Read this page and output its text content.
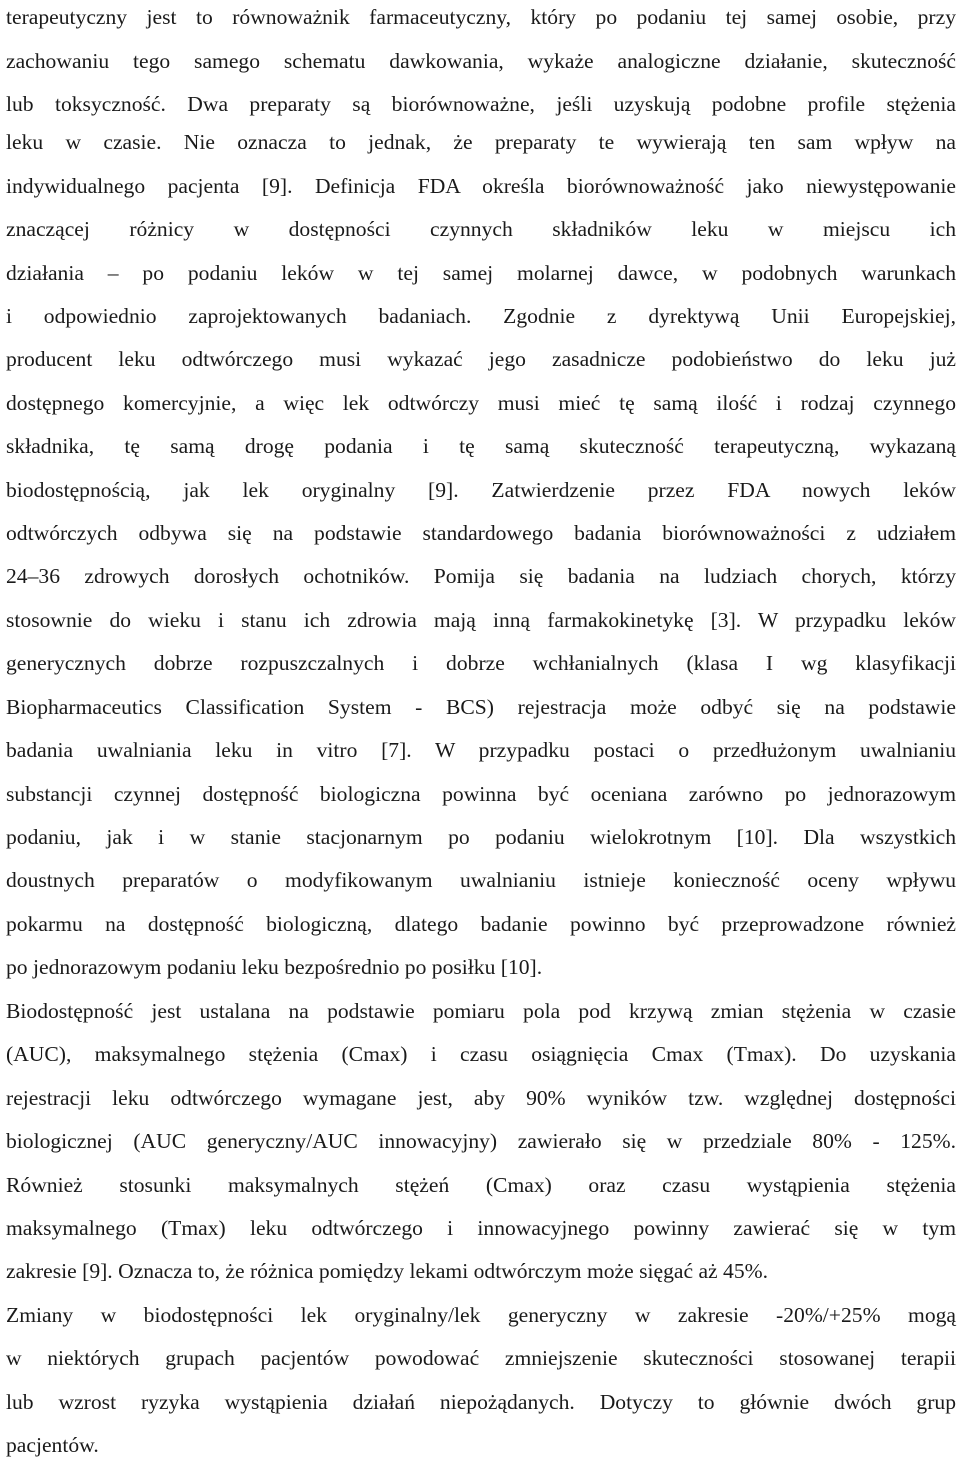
terapeutyczny jest to równoważnik farmaceutyczny, który po podaniu tej samej osobie, przy
zachowaniu tego samego schematu dawkowania, wykaże analogiczne działanie, skuteczność
lub toksyczność. Dwa preparaty są biorównoważne, jeśli uzyskują podobne profile stężenia
leku w czasie. Nie oznacza to jednak, że preparaty te wywierają ten sam wpływ na
indywidualnego pacjenta [9]. Definicja FDA określa biorównoważność jako niewystępowanie
znaczącej różnicy w dostępności czynnych składników leku w miejscu ich
działania – po podaniu leków w tej samej molarnej dawce, w podobnych warunkach
i odpowiednio zaprojektowanych badaniach. Zgodnie z dyrektywą Unii Europejskiej,
producent leku odtwórczego musi wykazać jego zasadnicze podobieństwo do leku już
dostępnego komercyjnie, a więc lek odtwórczy musi mieć tę samą ilość i rodzaj czynnego
składnika, tę samą drogę podania i tę samą skuteczność terapeutyczną, wykazaną
biodostępnością, jak lek oryginalny [9]. Zatwierdzenie przez FDA nowych leków
odtwórczych odbywa się na podstawie standardowego badania biorównoważności z udziałem
24–36 zdrowych dorosłych ochotników. Pomija się badania na ludziach chorych, którzy
stosownie do wieku i stanu ich zdrowia mają inną farmakokinetykę [3]. W przypadku leków
generycznych dobrze rozpuszczalnych i dobrze wchłanialnych (klasa I wg klasyfikacji
Biopharmaceutics Classification System - BCS) rejestracja może odbyć się na podstawie
badania uwalniania leku in vitro [7]. W przypadku postaci o przedłużonym uwalnianiu
substancji czynnej dostępność biologiczna powinna być oceniana zarówno po jednorazowym
podaniu, jak i w stanie stacjonarnym po podaniu wielokrotnym [10]. Dla wszystkich
doustnych preparatów o modyfikowanym uwalnianiu istnieje konieczność oceny wpływu
pokarmu na dostępność biologiczną, dlatego badanie powinno być przeprowadzone również
po jednorazowym podaniu leku bezpośrednio po posiłku [10].
Biodostępność jest ustalana na podstawie pomiaru pola pod krzywą zmian stężenia w czasie
(AUC), maksymalnego stężenia (Cmax) i czasu osiągnięcia Cmax (Tmax). Do uzyskania
rejestracji leku odtwórczego wymagane jest, aby 90% wyników tzw. względnej dostępności
biologicznej (AUC generyczny/AUC innowacyjny) zawierało się w przedziale 80% - 125%.
Również stosunki maksymalnych stężeń (Cmax) oraz czasu wystąpienia stężenia
maksymalnego (Tmax) leku odtwórczego i innowacyjnego powinny zawierać się w tym
zakresie [9]. Oznacza to, że różnica pomiędzy lekami odtwórczym może sięgać aż 45%.
Zmiany w biodostępności lek oryginalny/lek generyczny w zakresie -20%/+25% mogą
w niektórych grupach pacjentów powodować zmniejszenie skuteczności stosowanej terapii
lub wzrost ryzyka wystąpienia działań niepożądanych. Dotyczy to głównie dwóch grup
pacjentów.
